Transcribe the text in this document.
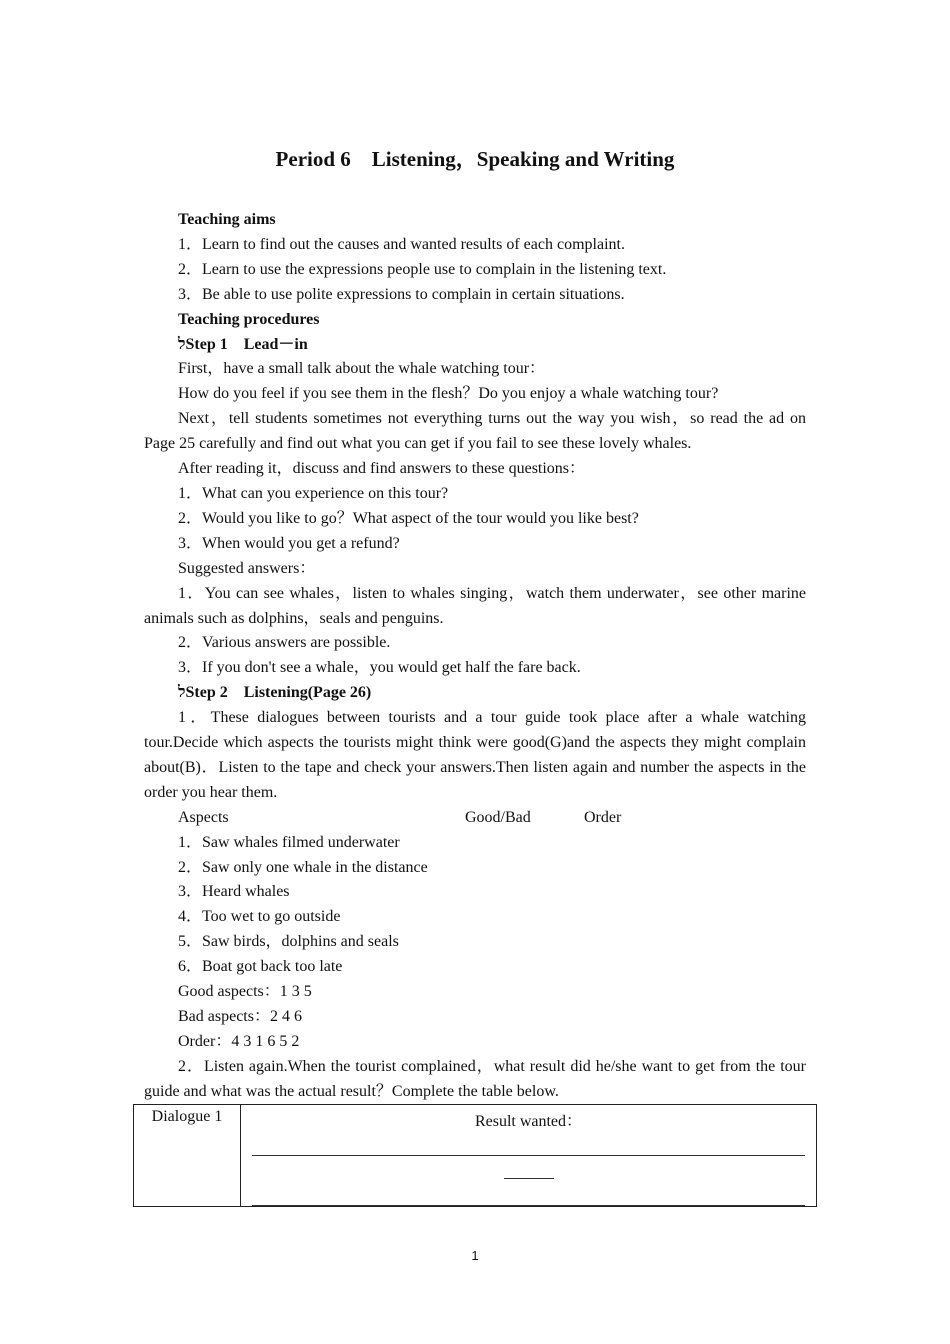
Period 6　Listening，Speaking and Writing

Teaching aims

1．Learn to find out the causes and wanted results of each complaint.

2．Learn to use the expressions people use to complain in the listening text.

3．Be able to use polite expressions to complain in certain situations.

Teaching procedures

לStep 1　Lead－in

First，have a small talk about the whale watching tour：

How do you feel if you see them in the flesh？Do you enjoy a whale watching tour?

Next，tell students sometimes not everything turns out the way you wish，so read the ad on Page 25 carefully and find out what you can get if you fail to see these lovely whales.

After reading it，discuss and find answers to these questions：

1．What can you experience on this tour?

2．Would you like to go？What aspect of the tour would you like best?

3．When would you get a refund?

Suggested answers：

1．You can see whales，listen to whales singing，watch them underwater，see other marine animals such as dolphins，seals and penguins.

2．Various answers are possible.

3．If you don't see a whale，you would get half the fare back.

לStep 2　Listening(Page 26)

1．These dialogues between tourists and a tour guide took place after a whale watching tour.Decide which aspects the tourists might think were good(G)and the aspects they might complain about(B)．Listen to the tape and check your answers.Then listen again and number the aspects in the order you hear them.

Aspects	Good/Bad	Order

1．Saw whales filmed underwater

2．Saw only one whale in the distance

3．Heard whales

4．Too wet to go outside

5．Saw birds，dolphins and seals

6．Boat got back too late

Good aspects：1 3 5

Bad aspects：2 4 6

Order：4 3 1 6 5 2

2．Listen again.When the tourist complained，what result did he/she want to get from the tour guide and what was the actual result？Complete the table below.

Dialogue 1	Result wanted：
1
